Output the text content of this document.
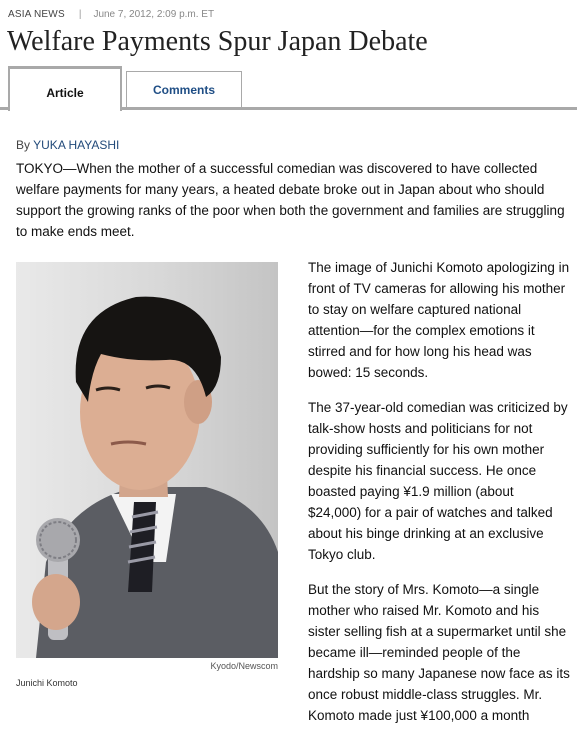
ASIA NEWS | June 7, 2012, 2:09 p.m. ET
Welfare Payments Spur Japan Debate
Article	Comments
By YUKA HAYASHI

TOKYO—When the mother of a successful comedian was discovered to have collected welfare payments for many years, a heated debate broke out in Japan about who should support the growing ranks of the poor when both the government and families are struggling to make ends meet.

Kyodo/Newscom
Junichi Komoto

The image of Junichi Komoto apologizing in front of TV cameras for allowing his mother to stay on welfare captured national attention—for the complex emotions it stirred and for how long his head was bowed: 15 seconds.

The 37-year-old comedian was criticized by talk-show hosts and politicians for not providing sufficiently for his own mother despite his financial success. He once boasted paying ¥1.9 million (about $24,000) for a pair of watches and talked about his binge drinking at an exclusive Tokyo club.

But the story of Mrs. Komoto—a single mother who raised Mr. Komoto and his sister selling fish at a supermarket until she became ill—reminded people of the hardship so many Japanese now face as its once robust middle-class struggles. Mr. Komoto made just ¥100,000 a month
